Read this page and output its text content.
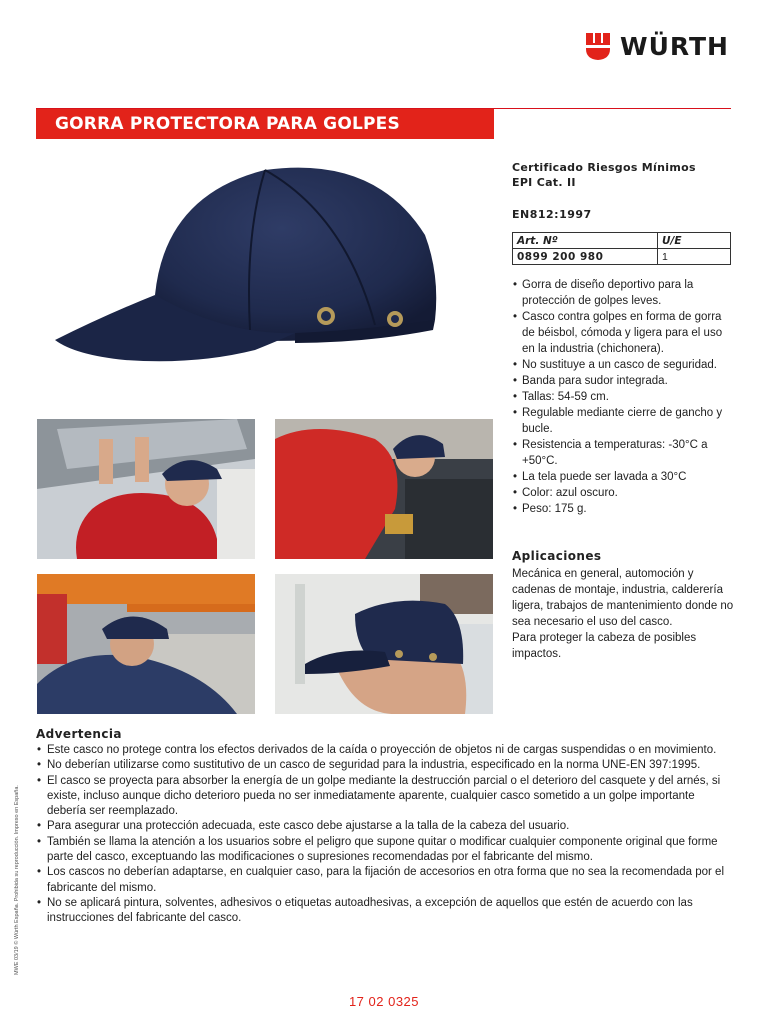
WÜRTH
GORRA PROTECTORA PARA GOLPES
Certificado Riesgos Mínimos
EPI Cat. II
EN812:1997
Art. Nº	U/E
0899 200 980	1
• Gorra de diseño deportivo para la protección de golpes leves.
• Casco contra golpes en forma de gorra de béisbol, cómoda y ligera para el uso en la industria (chichonera).
• No sustituye a un casco de seguridad.
• Banda para sudor integrada.
• Tallas: 54-59 cm.
• Regulable mediante cierre de gancho y bucle.
• Resistencia a temperaturas: -30°C a +50°C.
• La tela puede ser lavada a 30°C
• Color: azul oscuro.
• Peso: 175 g.
Aplicaciones
Mecánica en general, automoción y cadenas de montaje, industria, calderería ligera, trabajos de mantenimiento donde no sea necesario el uso del casco.
Para proteger la cabeza de posibles impactos.
Advertencia
• Este casco no protege contra los efectos derivados de la caída o proyección de objetos ni de cargas suspendidas o en movimiento.
• No deberían utilizarse como sustitutivo de un casco de seguridad para la industria, especificado en la norma UNE-EN 397:1995.
• El casco se proyecta para absorber la energía de un golpe mediante la destrucción parcial o el deterioro del casquete y del arnés, si existe, incluso aunque dicho deterioro pueda no ser inmediatamente aparente, cualquier casco sometido a un golpe importante debería ser reemplazado.
• Para asegurar una protección adecuada, este casco debe ajustarse a la talla de la cabeza del usuario.
• También se llama la atención a los usuarios sobre el peligro que supone quitar o modificar cualquier componente original que forme parte del casco, exceptuando las modificaciones o supresiones recomendadas por el fabricante del mismo.
• Los cascos no deberían adaptarse, en cualquier caso, para la fijación de accesorios en otra forma que no sea la recomendada por el fabricante del mismo.
• No se aplicará pintura, solventes, adhesivos o etiquetas autoadhesivas, a excepción de aquellos que estén de acuerdo con las instrucciones del fabricante del casco.
MWE 03/19 © Würth España. Prohibida su reproducción. Impreso en España.
17 02 0325
